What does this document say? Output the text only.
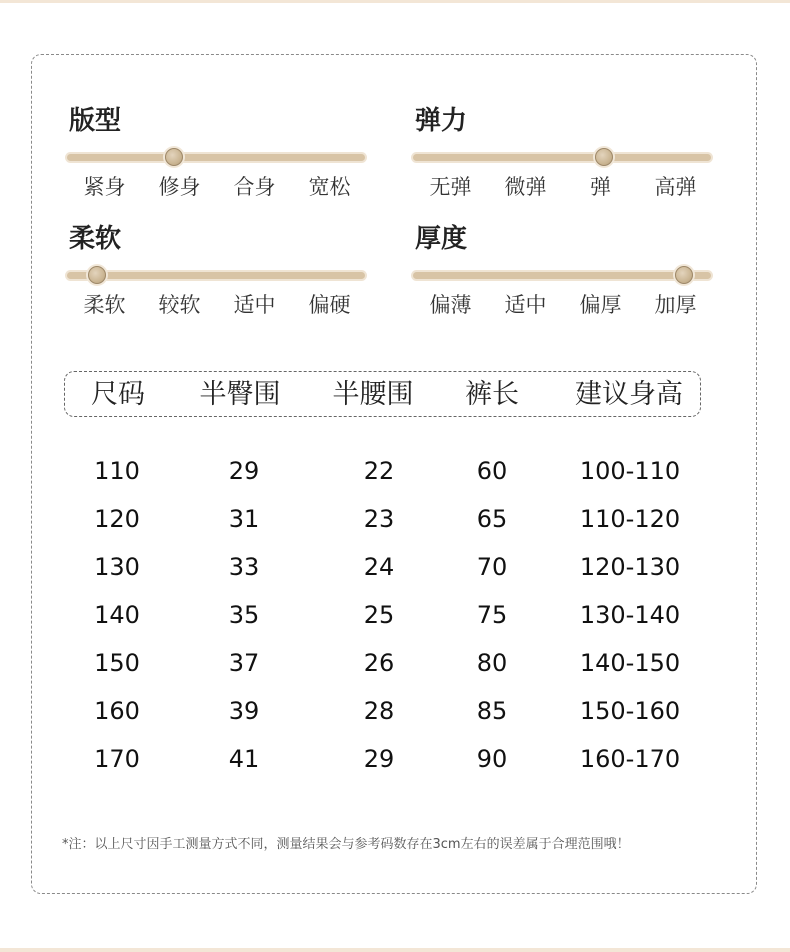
版型
紧身	修身	合身	宽松
弹力
无弹	微弹	弹	高弹
柔软
柔软	较软	适中	偏硬
厚度
偏薄	适中	偏厚	加厚
尺码 半臀围 半腰围 裤长 建议身高
110	29	22	60	100-110
120	31	23	65	110-120
130	33	24	70	120-130
140	35	25	75	130-140
150	37	26	80	140-150
160	39	28	85	150-160
170	41	29	90	160-170
*注：以上尺寸因手工测量方式不同，测量结果会与参考码数存在3cm左右的误差属于合理范围哦！
